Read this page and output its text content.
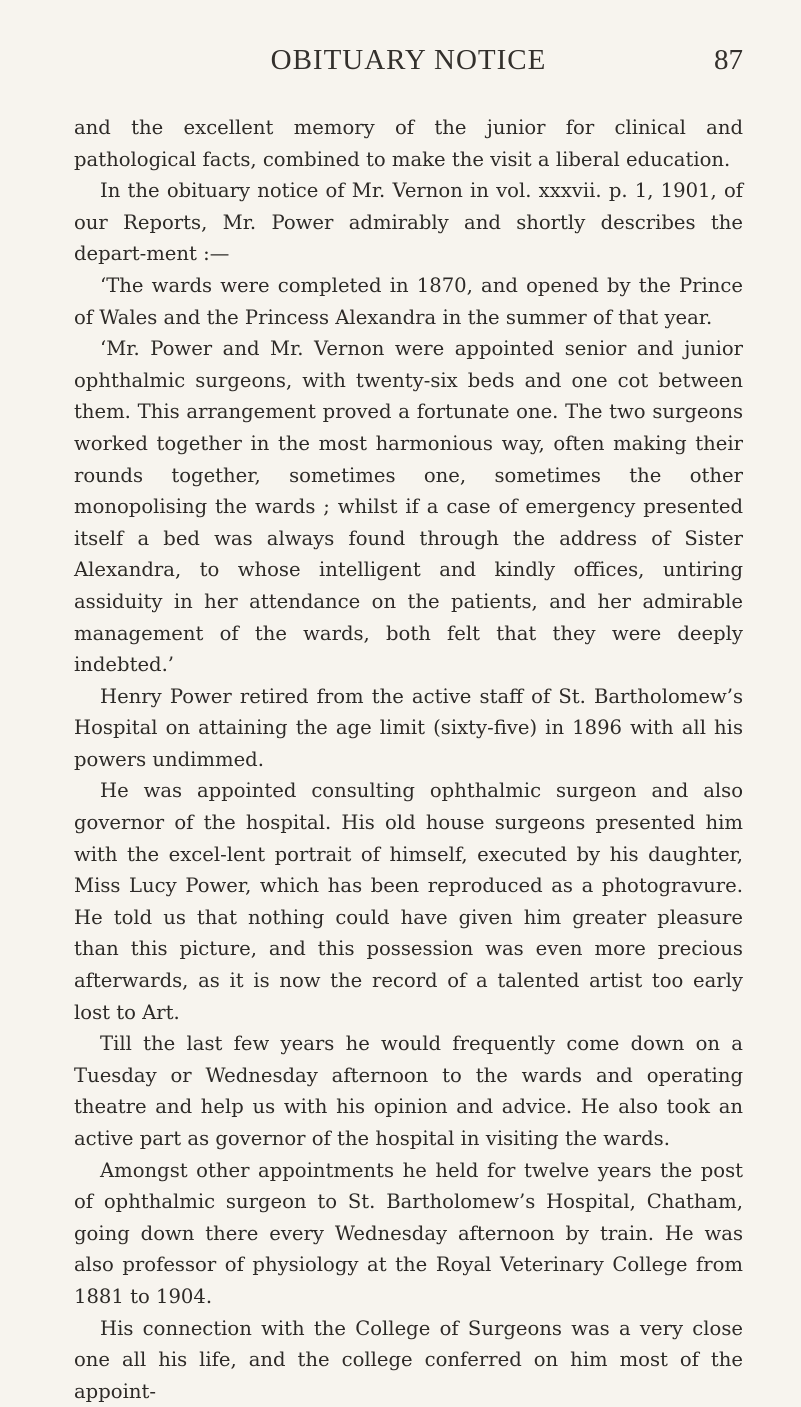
OBITUARY NOTICE	87

and the excellent memory of the junior for clinical and pathological facts, combined to make the visit a liberal education.

In the obituary notice of Mr. Vernon in vol. xxxvii. p. 1, 1901, of our Reports, Mr. Power admirably and shortly describes the depart-ment :—

‘The wards were completed in 1870, and opened by the Prince of Wales and the Princess Alexandra in the summer of that year.

‘Mr. Power and Mr. Vernon were appointed senior and junior ophthalmic surgeons, with twenty-six beds and one cot between them. This arrangement proved a fortunate one. The two surgeons worked together in the most harmonious way, often making their rounds together, sometimes one, sometimes the other monopolising the wards ; whilst if a case of emergency presented itself a bed was always found through the address of Sister Alexandra, to whose intelligent and kindly offices, untiring assiduity in her attendance on the patients, and her admirable management of the wards, both felt that they were deeply indebted.’

Henry Power retired from the active staff of St. Bartholomew’s Hospital on attaining the age limit (sixty-five) in 1896 with all his powers undimmed.

He was appointed consulting ophthalmic surgeon and also governor of the hospital. His old house surgeons presented him with the excel-lent portrait of himself, executed by his daughter, Miss Lucy Power, which has been reproduced as a photogravure. He told us that nothing could have given him greater pleasure than this picture, and this possession was even more precious afterwards, as it is now the record of a talented artist too early lost to Art.

Till the last few years he would frequently come down on a Tuesday or Wednesday afternoon to the wards and operating theatre and help us with his opinion and advice. He also took an active part as governor of the hospital in visiting the wards.

Amongst other appointments he held for twelve years the post of ophthalmic surgeon to St. Bartholomew’s Hospital, Chatham, going down there every Wednesday afternoon by train. He was also professor of physiology at the Royal Veterinary College from 1881 to 1904.

His connection with the College of Surgeons was a very close one all his life, and the college conferred on him most of the appoint-
